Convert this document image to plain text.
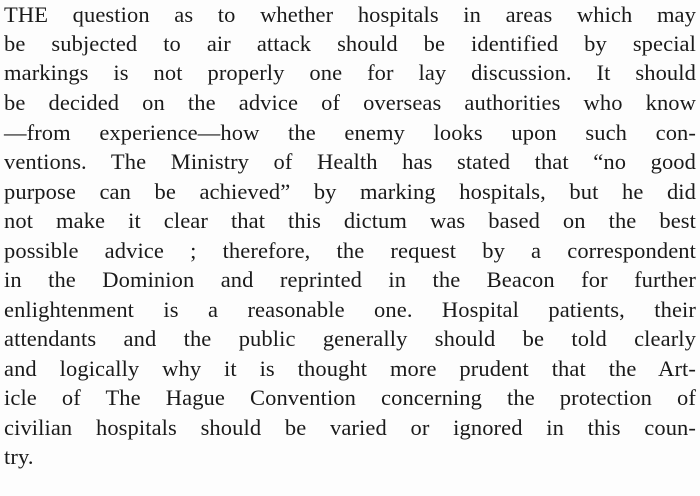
THE question as to whether hospitals in areas which may
be subjected to air attack should be identified by special
markings is not properly one for lay discussion. It should
be decided on the advice of overseas authorities who know
—from experience—how the enemy looks upon such con-
ventions. The Ministry of Health has stated that “no good
purpose can be achieved” by marking hospitals, but he did
not make it clear that this dictum was based on the best
possible advice ; therefore, the request by a correspondent
in the Dominion and reprinted in the Beacon for further
enlightenment is a reasonable one. Hospital patients, their
attendants and the public generally should be told clearly
and logically why it is thought more prudent that the Art-
icle of The Hague Convention concerning the protection of
civilian hospitals should be varied or ignored in this coun-
try.
